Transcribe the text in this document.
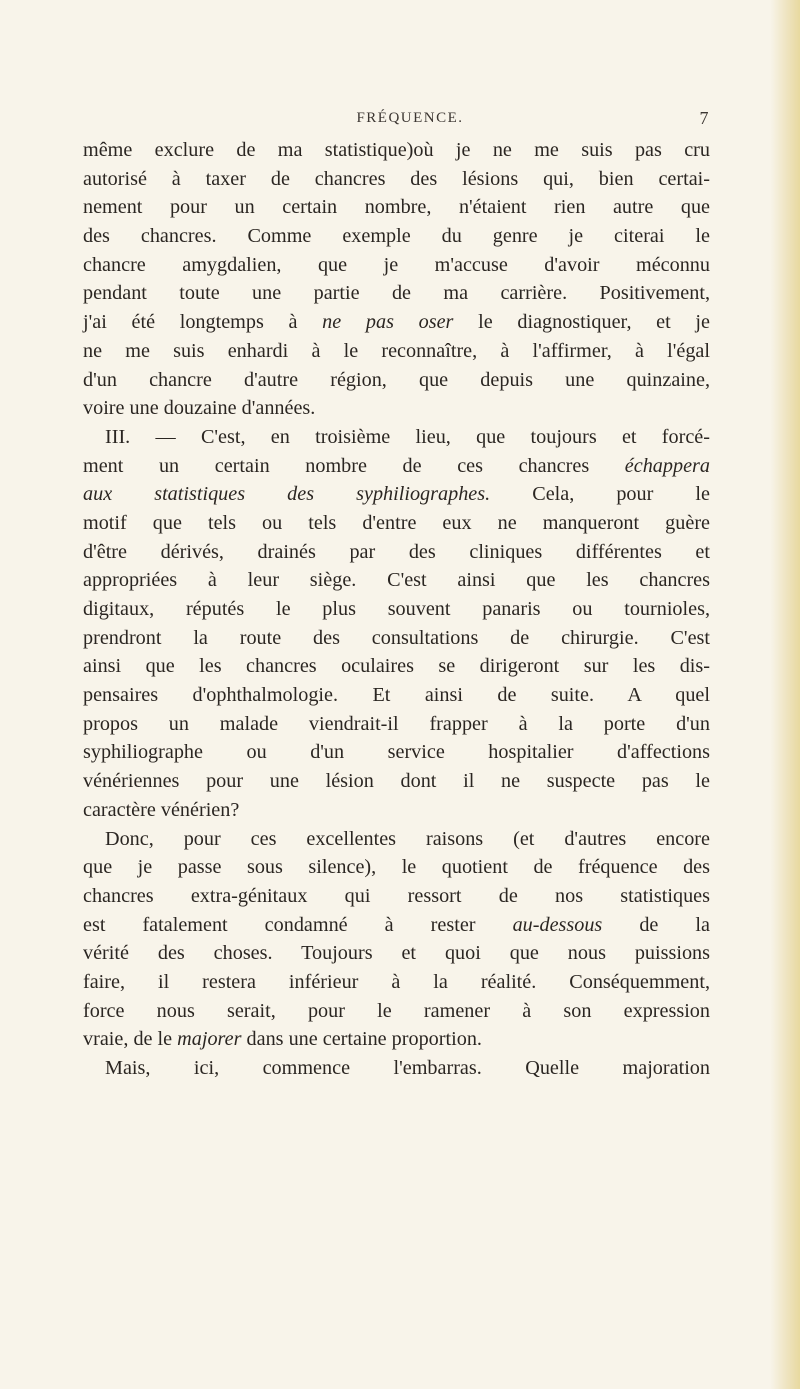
FRÉQUENCE.	7
même exclure de ma statistique)où je ne me suis pas cru
autorisé à taxer de chancres des lésions qui, bien certai-
nement pour un certain nombre, n'étaient rien autre que
des chancres. Comme exemple du genre je citerai le
chancre amygdalien, que je m'accuse d'avoir méconnu
pendant toute une partie de ma carrière. Positivement,
j'ai été longtemps à ne pas oser le diagnostiquer, et je
ne me suis enhardi à le reconnaître, à l'affirmer, à l'égal
d'un chancre d'autre région, que depuis une quinzaine,
voire une douzaine d'années.
III. — C'est, en troisième lieu, que toujours et forcé-
ment un certain nombre de ces chancres échappera
aux statistiques des syphiliographes. Cela, pour le
motif que tels ou tels d'entre eux ne manqueront guère
d'être dérivés, drainés par des cliniques différentes et
appropriées à leur siège. C'est ainsi que les chancres
digitaux, réputés le plus souvent panaris ou tournioles,
prendront la route des consultations de chirurgie. C'est
ainsi que les chancres oculaires se dirigeront sur les dis-
pensaires d'ophthalmologie. Et ainsi de suite. A quel
propos un malade viendrait-il frapper à la porte d'un
syphiliographe ou d'un service hospitalier d'affections
vénériennes pour une lésion dont il ne suspecte pas le
caractère vénérien?
Donc, pour ces excellentes raisons (et d'autres encore
que je passe sous silence), le quotient de fréquence des
chancres extra-génitaux qui ressort de nos statistiques
est fatalement condamné à rester au-dessous de la
vérité des choses. Toujours et quoi que nous puissions
faire, il restera inférieur à la réalité. Conséquemment,
force nous serait, pour le ramener à son expression
vraie, de le majorer dans une certaine proportion.
Mais, ici, commence l'embarras. Quelle majoration
